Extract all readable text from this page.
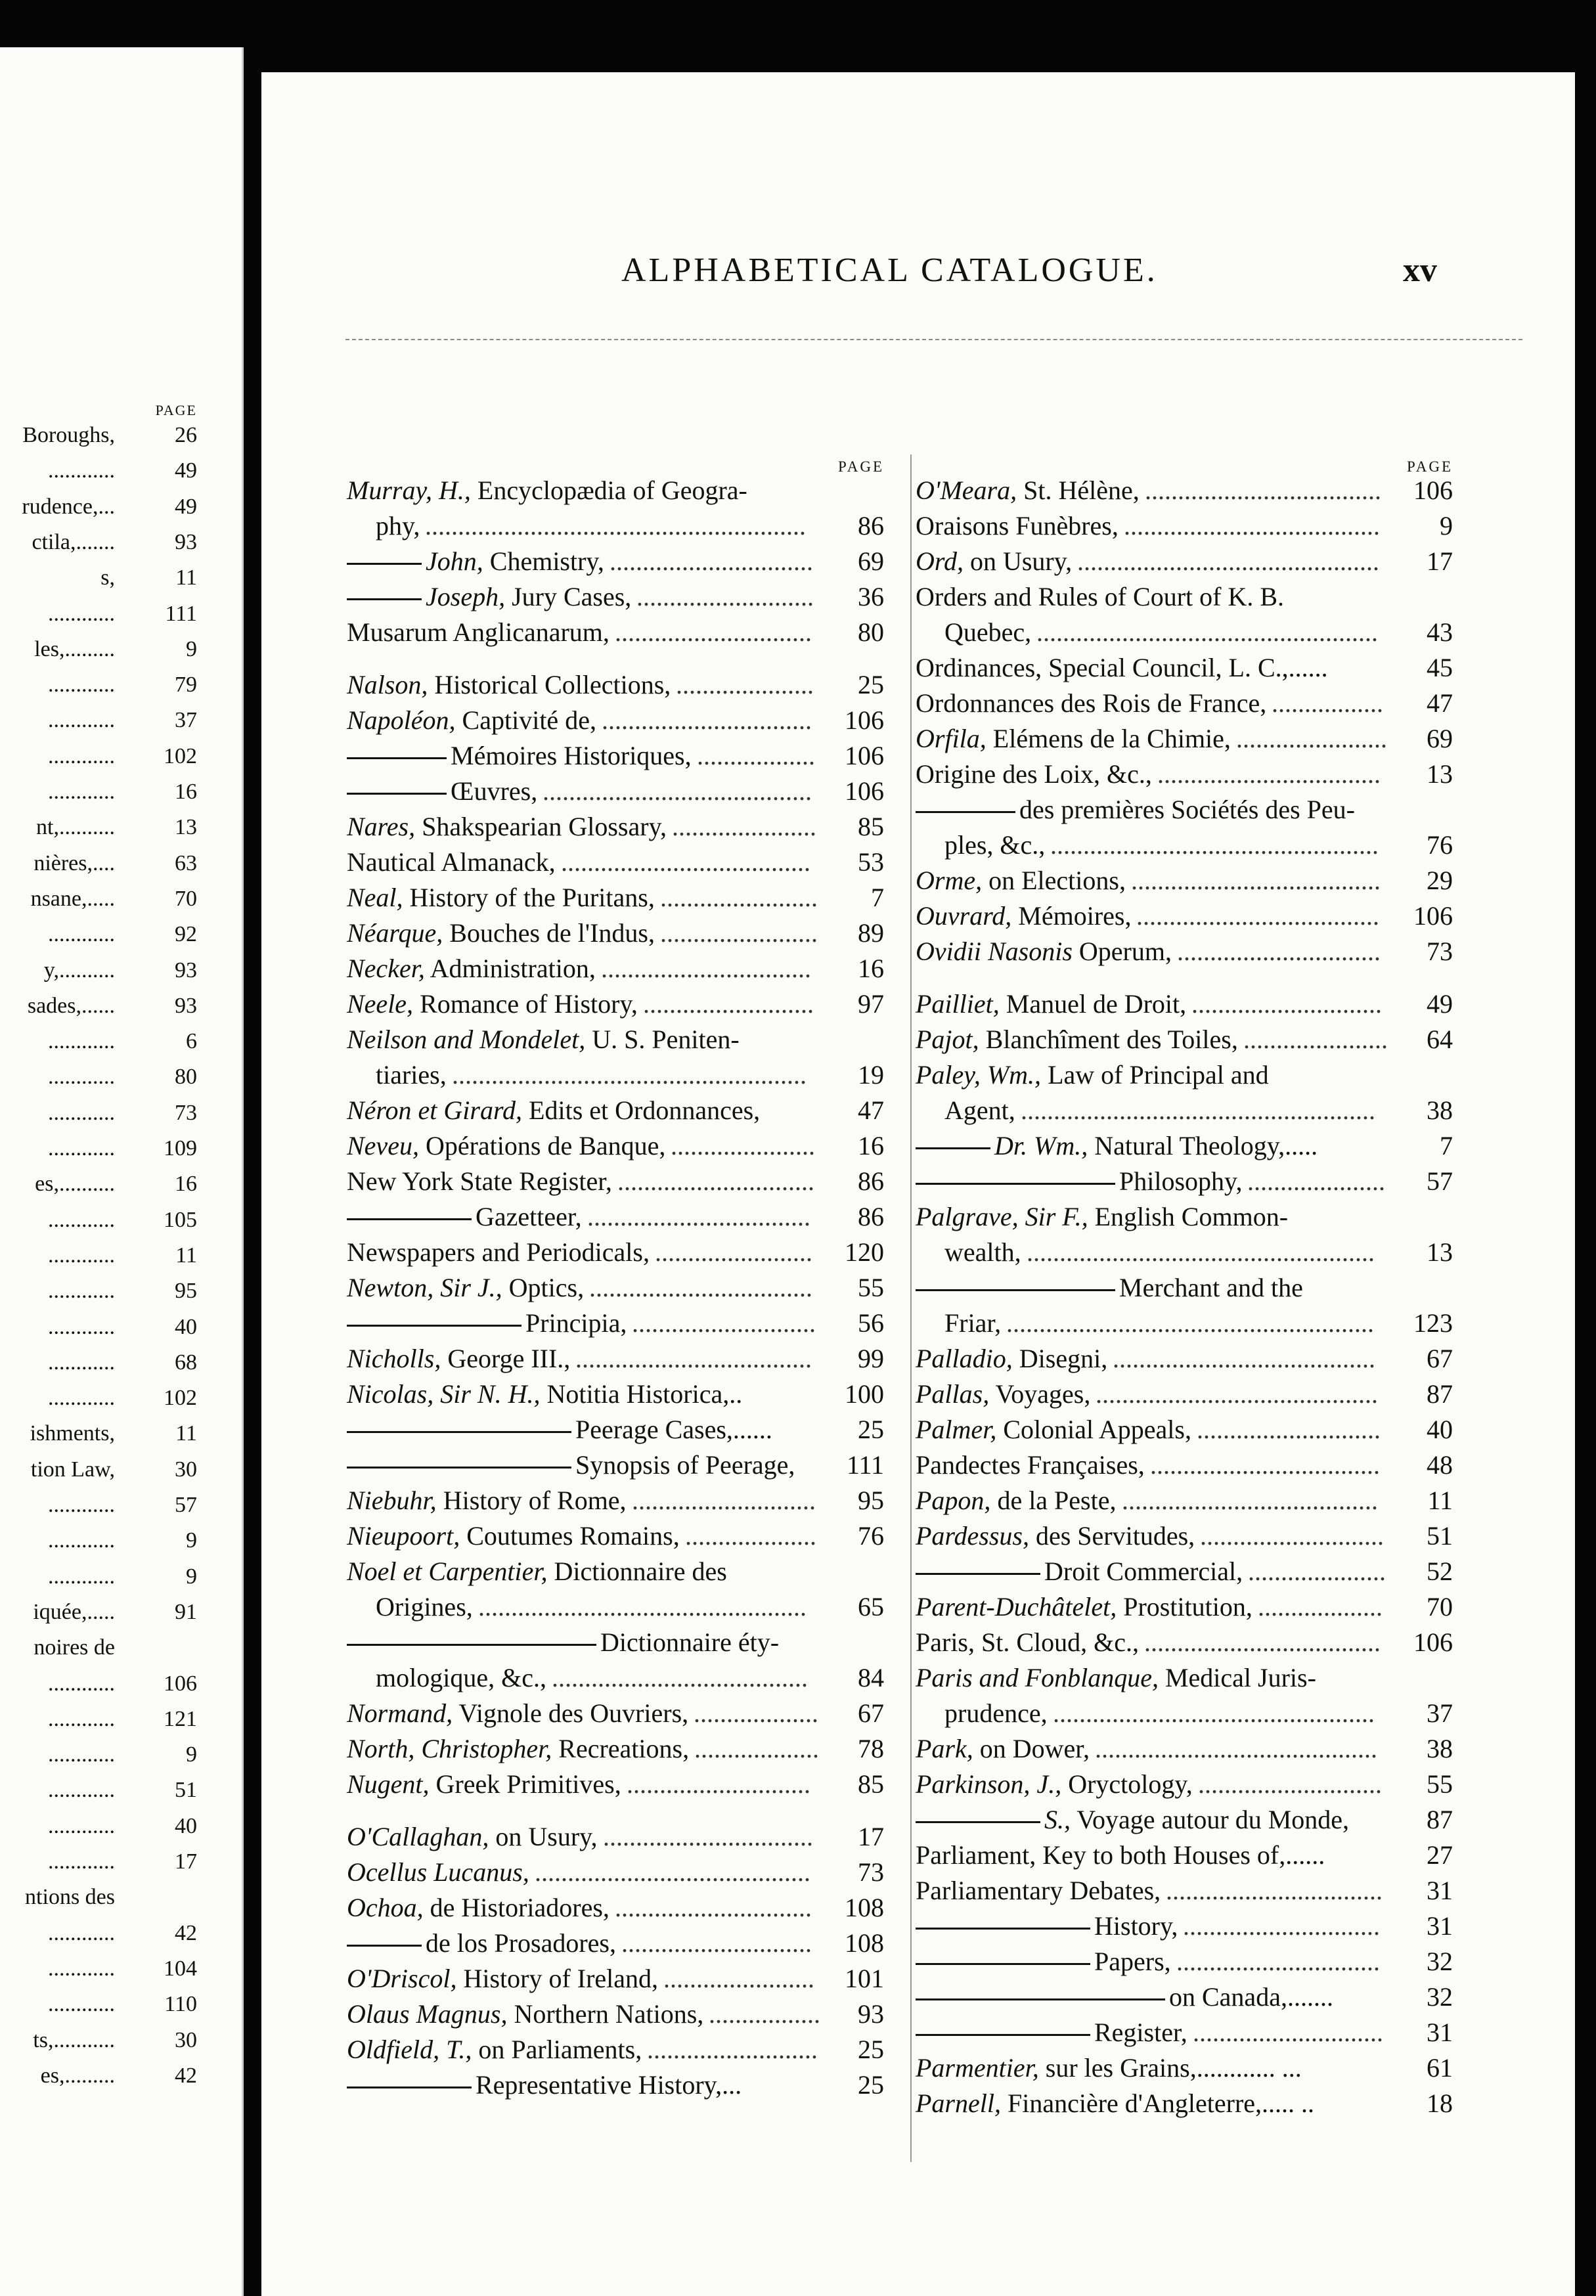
PAGE
Boroughs,	26
............	49
rudence,...	49
ctila,.......	93
s,	11
............	111
les,.........	9
............	79
............	37
............	102
............	16
nt,..........	13
nières,....	63
nsane,.....	70
............	92
y,..........	93
sades,......	93
............	6
............	80
............	73
............	109
es,..........	16
............	105
............	11
............	95
............	40
............	68
............	102
ishments,	11
tion Law,	30
............	57
............	9
............	9
iquée,.....	91
noires de
............	106
............	121
............	9
............	51
............	40
............	17
ntions des
............	42
............	104
............	110
ts,...........	30
es,.........	42
ALPHABETICAL CATALOGUE.	xv
PAGE
Murray, H., Encyclopædia of Geogra-
phy,	86
..........................................................
John, Chemistry,	69
...............................
Joseph, Jury Cases,	36
...........................
Musarum Anglicanarum,	80
..............................
Nalson, Historical Collections,	25
.....................
Napoléon, Captivité de,	106
................................
Mémoires Historiques,	106
..................
Œuvres,	106
.........................................
Nares, Shakspearian Glossary,	85
......................
Nautical Almanack,	53
......................................
Neal, History of the Puritans,	7
........................
Néarque, Bouches de l'Indus,	89
........................
Necker, Administration,	16
................................
Neele, Romance of History,	97
..........................
Neilson and Mondelet, U. S. Peniten-
tiaries,	19
......................................................
Néron et Girard, Edits et Ordonnances,	47
Neveu, Opérations de Banque,	16
......................
New York State Register,	86
..............................
Gazetteer,	86
..................................
Newspapers and Periodicals,	120
........................
Newton, Sir J., Optics,	55
..................................
Principia,	56
............................
Nicholls, George III.,	99
....................................
Nicolas, Sir N. H., Notitia Historica,..	100
Peerage Cases,......	25
Synopsis of Peerage, 111
Niebuhr, History of Rome,	95
............................
Nieupoort, Coutumes Romains,	76
....................
Noel et Carpentier, Dictionnaire des
Origines,	65
..................................................
Dictionnaire éty-
mologique, &c.,	84
.......................................
Normand, Vignole des Ouvriers,	67
...................
North, Christopher, Recreations,	78
...................
Nugent, Greek Primitives,	85
............................
O'Callaghan, on Usury,	17
................................
Ocellus Lucanus,	73
..........................................
Ochoa, de Historiadores,	108
..............................
de los Prosadores,	108
.............................
O'Driscol, History of Ireland,	101
.......................
Olaus Magnus, Northern Nations,	93
.................
Oldfield, T., on Parliaments,	25
..........................
Representative History,...	25
PAGE
O'Meara, St. Hélène,	106
....................................
Oraisons Funèbres,	9
.......................................
Ord, on Usury,	17
..............................................
Orders and Rules of Court of K. B.
Quebec,	43
....................................................
Ordinances, Special Council, L. C.,......	45
Ordonnances des Rois de France,	47
.................
Orfila, Elémens de la Chimie,	69
.......................
Origine des Loix, &c.,	13
..................................
des premières Sociétés des Peu-
ples, &c.,	76
..................................................
Orme, on Elections,	29
......................................
Ouvrard, Mémoires,	106
.....................................
Ovidii Nasonis Operum,	73
...............................
Pailliet, Manuel de Droit,	49
.............................
Pajot, Blanchîment des Toiles,	64
......................
Paley, Wm., Law of Principal and
Agent,	38
......................................................
Dr. Wm., Natural Theology,.....	7
Philosophy,	57
.....................
Palgrave, Sir F., English Common-
wealth,	13
.....................................................
Merchant and the
Friar,	123
........................................................
Palladio, Disegni,	67
........................................
Pallas, Voyages,	87
...........................................
Palmer, Colonial Appeals,	40
............................
Pandectes Françaises,	48
...................................
Papon, de la Peste,	11
.......................................
Pardessus, des Servitudes,	51
............................
Droit Commercial,	52
.....................
Parent-Duchâtelet, Prostitution,	70
...................
Paris, St. Cloud, &c.,	106
....................................
Paris and Fonblanque, Medical Juris-
prudence,	37
.................................................
Park, on Dower,	38
...........................................
Parkinson, J., Oryctology,	55
............................
S., Voyage autour du Monde,	87
Parliament, Key to both Houses of,......	27
Parliamentary Debates,	31
.................................
History,	31
..............................
Papers,	32
...............................
on Canada,.......	32
Register,	31
.............................
Parmentier, sur les Grains,............ ...	61
Parnell, Financière d'Angleterre,..... ..	18
